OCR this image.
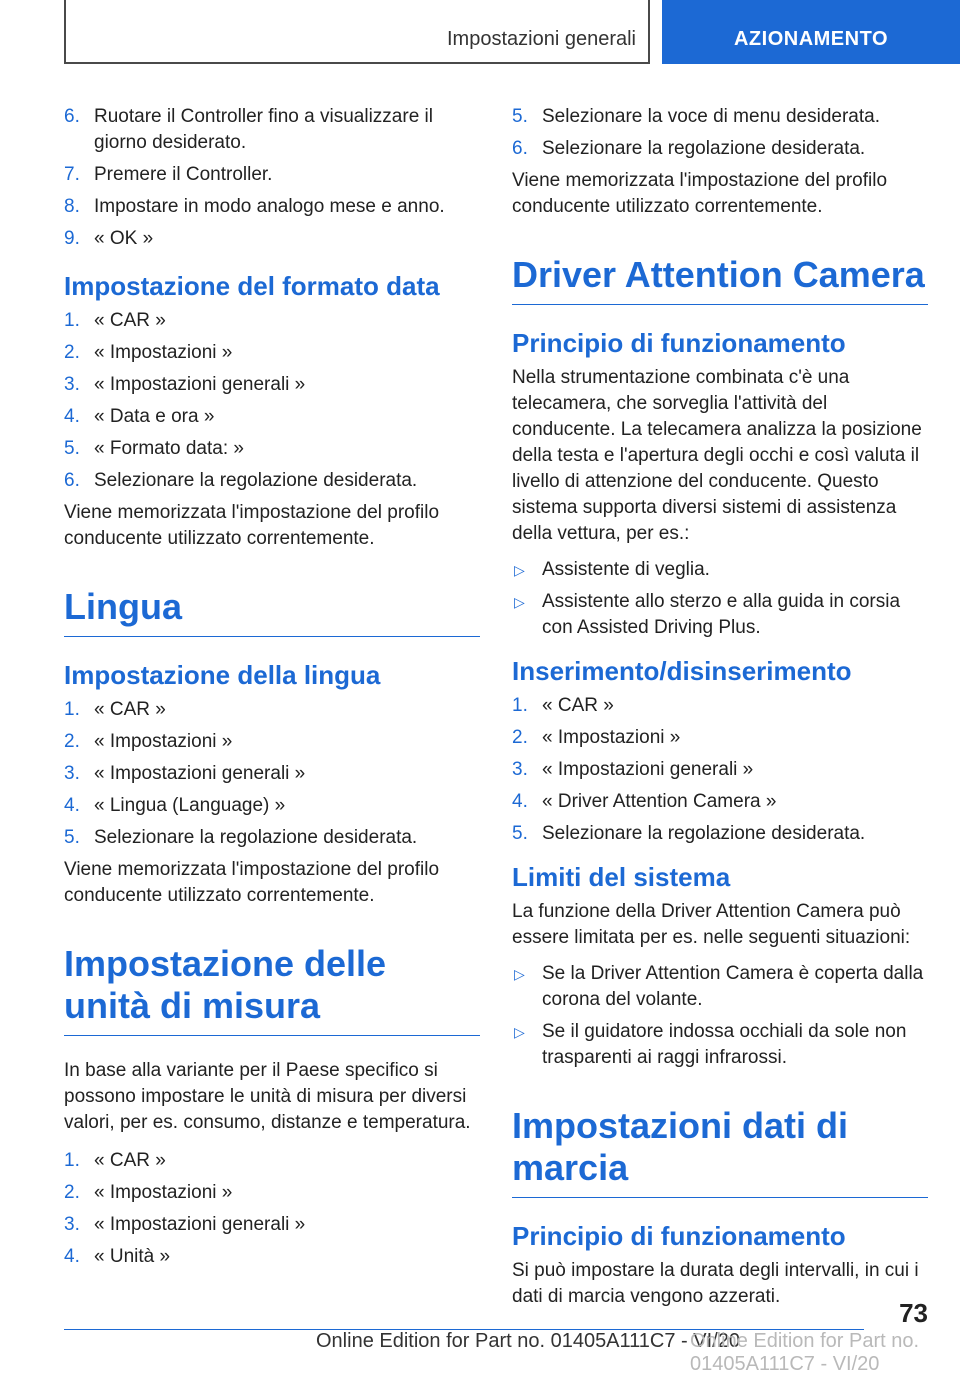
Impostazioni generali	AZIONAMENTO
6. Ruotare il Controller fino a visualizzare il giorno desiderato.
7. Premere il Controller.
8. Impostare in modo analogo mese e anno.
9. « OK »
Impostazione del formato data
1. « CAR »
2. « Impostazioni »
3. « Impostazioni generali »
4. « Data e ora »
5. « Formato data: »
6. Selezionare la regolazione desiderata.

Viene memorizzata l'impostazione del profilo conducente utilizzato correntemente.

Lingua
Impostazione della lingua
1. « CAR »
2. « Impostazioni »
3. « Impostazioni generali »
4. « Lingua (Language) »
5. Selezionare la regolazione desiderata.

Viene memorizzata l'impostazione del profilo conducente utilizzato correntemente.

Impostazione delle unità di misura

In base alla variante per il Paese specifico si possono impostare le unità di misura per diversi valori, per es. consumo, distanze e temperatura.

1. « CAR »
2. « Impostazioni »
3. « Impostazioni generali »
4. « Unità »
5. Selezionare la voce di menu desiderata.
6. Selezionare la regolazione desiderata.

Viene memorizzata l'impostazione del profilo conducente utilizzato correntemente.

Driver Attention Camera
Principio di funzionamento

Nella strumentazione combinata c'è una telecamera, che sorveglia l'attività del conducente. La telecamera analizza la posizione della testa e l'apertura degli occhi e così valuta il livello di attenzione del conducente. Questo sistema supporta diversi sistemi di assistenza della vettura, per es.:

▷ Assistente di veglia.
▷ Assistente allo sterzo e alla guida in corsia con Assisted Driving Plus.
Inserimento/disinserimento
1. « CAR »
2. « Impostazioni »
3. « Impostazioni generali »
4. « Driver Attention Camera »
5. Selezionare la regolazione desiderata.
Limiti del sistema

La funzione della Driver Attention Camera può essere limitata per es. nelle seguenti situazioni:

▷ Se la Driver Attention Camera è coperta dalla corona del volante.
▷ Se il guidatore indossa occhiali da sole non trasparenti ai raggi infrarossi.
Impostazioni dati di marcia
Principio di funzionamento

Si può impostare la durata degli intervalli, in cui i dati di marcia vengono azzerati.

73
Online Edition for Part no. 01405A111C7 - VI/20
Online Edition for Part no. 01405A111C7 - VI/20
